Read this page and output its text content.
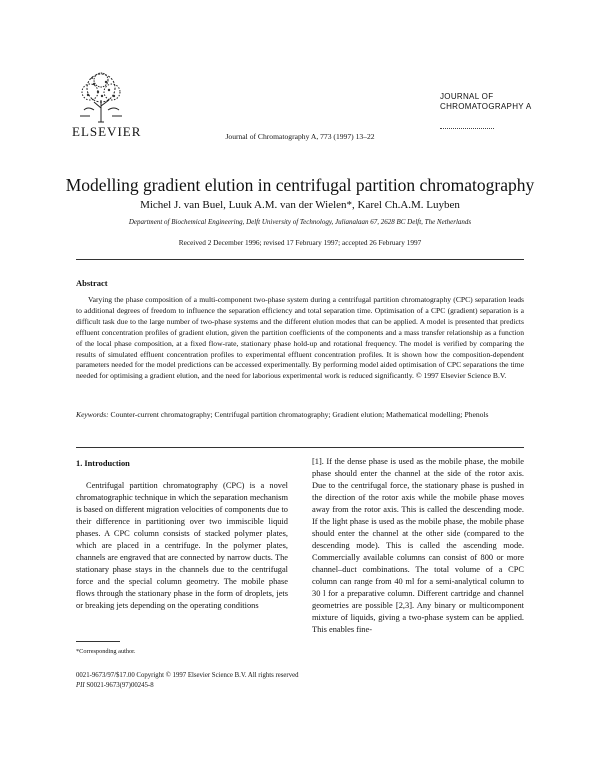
ELSEVIER	Journal of Chromatography A, 773 (1997) 13–22
JOURNAL OF
CHROMATOGRAPHY A
Modelling gradient elution in centrifugal partition chromatography
Michel J. van Buel, Luuk A.M. van der Wielen*, Karel Ch.A.M. Luyben
Department of Biochemical Engineering, Delft University of Technology, Julianalaan 67, 2628 BC Delft, The Netherlands
Received 2 December 1996; revised 17 February 1997; accepted 26 February 1997
Abstract
Varying the phase composition of a multi-component two-phase system during a centrifugal partition chromatography (CPC) separation leads to additional degrees of freedom to influence the separation efficiency and total separation time. Optimisation of a CPC (gradient) separation is a difficult task due to the large number of two-phase systems and the different elution modes that can be applied. A model is presented that predicts effluent concentration profiles of gradient elution, given the partition coefficients of the components and a mass transfer relationship as a function of the local phase composition, at a fixed flow-rate, stationary phase hold-up and rotational frequency. The model is verified by comparing the results of simulated effluent concentration profiles to experimental effluent concentration profiles. It is shown how the composition-dependent parameters needed for the model predictions can be accessed experimentally. By performing model aided optimisation of CPC separations the time needed for optimising a gradient elution, and the need for laborious experimental work is reduced significantly. © 1997 Elsevier Science B.V.
Keywords: Counter-current chromatography; Centrifugal partition chromatography; Gradient elution; Mathematical modelling; Phenols
1. Introduction
Centrifugal partition chromatography (CPC) is a novel chromatographic technique in which the separation mechanism is based on different migration velocities of components due to their difference in partitioning over two immiscible liquid phases. A CPC column consists of stacked polymer plates, which are placed in a centrifuge. In the polymer plates, channels are engraved that are connected by narrow ducts. The stationary phase stays in the channels due to the centrifugal force and the special column geometry. The mobile phase flows through the stationary phase in the form of droplets, jets or breaking jets depending on the operating conditions
[1]. If the dense phase is used as the mobile phase, the mobile phase should enter the channel at the side of the rotor axis. Due to the centrifugal force, the stationary phase is pushed in the direction of the rotor axis while the mobile phase moves away from the rotor axis. This is called the descending mode. If the light phase is used as the mobile phase, the mobile phase should enter the channel at the other side (compared to the descending mode). This is called the ascending mode. Commercially available columns can consist of 800 or more channel–duct combinations. The total volume of a CPC column can range from 40 ml for a semi-analytical column to 30 l for a preparative column. Different cartridge and channel geometries are possible [2,3]. Any binary or multicomponent mixture of liquids, giving a two-phase system can be applied. This enables fine-
*Corresponding author.
0021-9673/97/$17.00 Copyright © 1997 Elsevier Science B.V. All rights reserved
PII S0021-9673(97)00245-8
